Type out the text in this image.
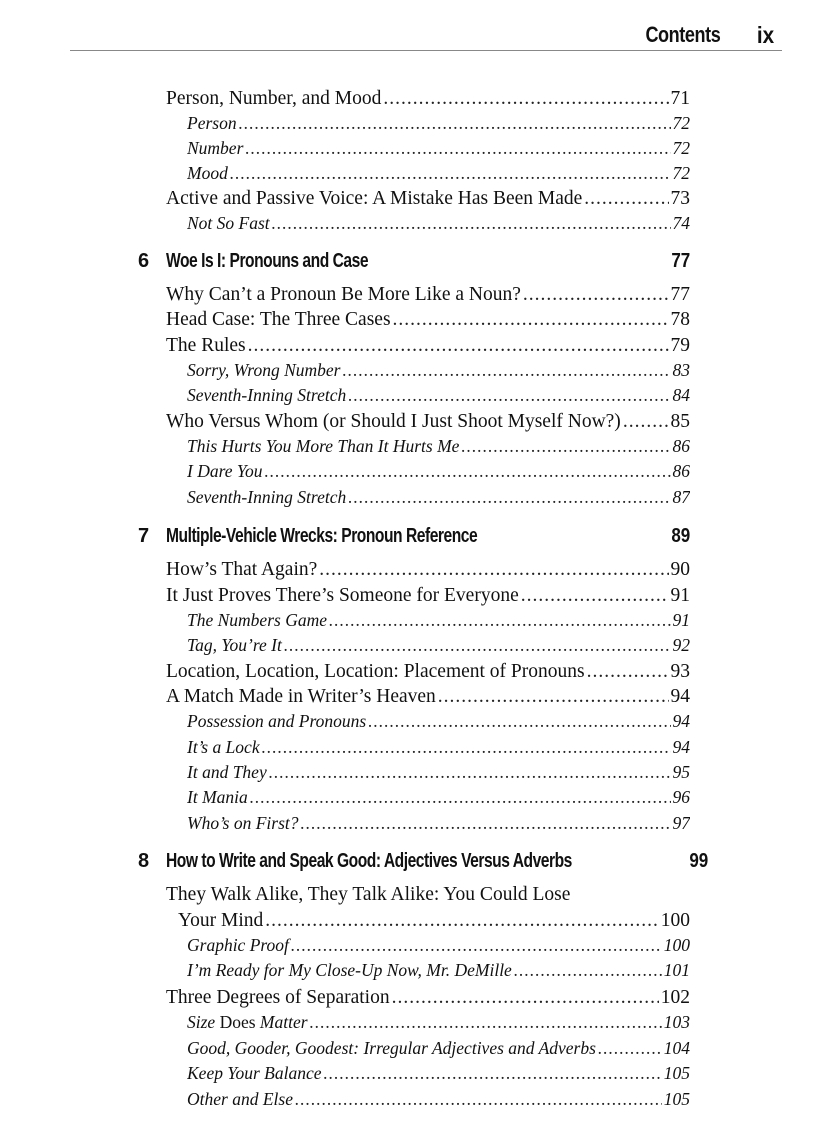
Contents ix
Person, Number, and Mood .....	71
Person .....	72
Number .....	72
Mood .....	72
Active and Passive Voice: A Mistake Has Been Made .....	73
Not So Fast .....	74
6 Woe Is I: Pronouns and Case	77
Why Can’t a Pronoun Be More Like a Noun? .....	77
Head Case: The Three Cases .....	78
The Rules .....	79
Sorry, Wrong Number .....	83
Seventh-Inning Stretch .....	84
Who Versus Whom (or Should I Just Shoot Myself Now?) .....	85
This Hurts You More Than It Hurts Me .....	86
I Dare You .....	86
Seventh-Inning Stretch .....	87
7 Multiple-Vehicle Wrecks: Pronoun Reference	89
How’s That Again? .....	90
It Just Proves There’s Someone for Everyone .....	91
The Numbers Game .....	91
Tag, You’re It .....	92
Location, Location, Location: Placement of Pronouns .....	93
A Match Made in Writer’s Heaven .....	94
Possession and Pronouns .....	94
It’s a Lock .....	94
It and They .....	95
It Mania .....	96
Who’s on First? .....	97
8 How to Write and Speak Good: Adjectives Versus Adverbs	99
They Walk Alike, They Talk Alike: You Could Lose
Your Mind .....	100
Graphic Proof .....	100
I’m Ready for My Close-Up Now, Mr. DeMille .....	101
Three Degrees of Separation .....	102
Size Does Matter .....	103
Good, Gooder, Goodest: Irregular Adjectives and Adverbs .....	104
Keep Your Balance .....	105
Other and Else .....	105
